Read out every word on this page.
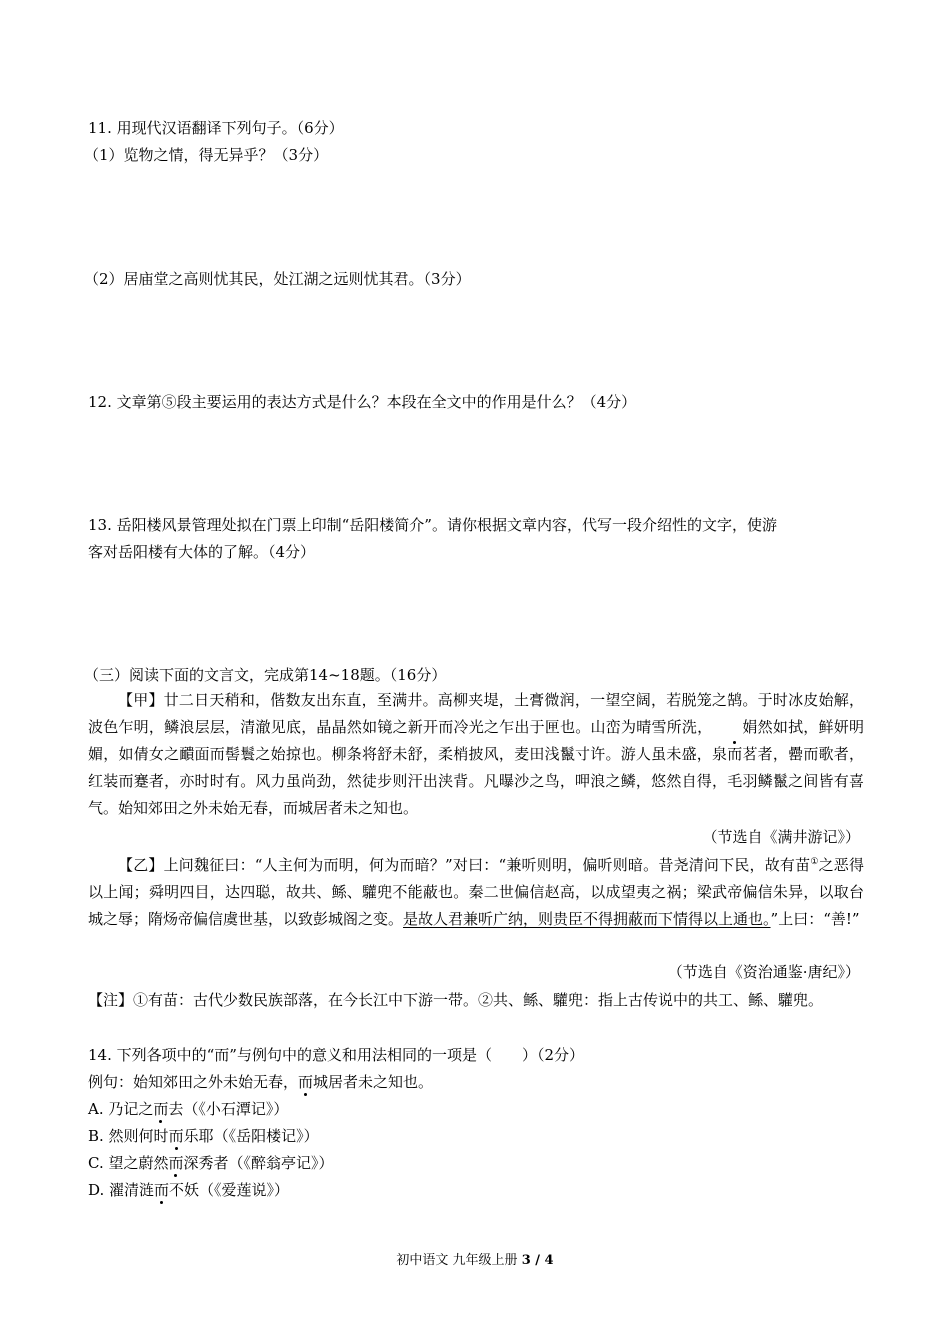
11. 用现代汉语翻译下列句子。（6分）
（1）览物之情，得无异乎？（3分）
（2）居庙堂之高则忧其民，处江湖之远则忧其君。（3分）
12. 文章第⑤段主要运用的表达方式是什么？本段在全文中的作用是什么？（4分）
13. 岳阳楼风景管理处拟在门票上印制“岳阳楼简介”。请你根据文章内容，代写一段介绍性的文字，使游
客对岳阳楼有大体的了解。（4分）
（三）阅读下面的文言文，完成第14~18题。（16分）

【甲】廿二日天稍和，偕数友出东直，至满井。高柳夹堤，土膏微润，一望空阔，若脱笼之鹄。于时冰皮始解，波色乍明，鳞浪层层，清澈见底，晶晶然如镜之新开而冷光之乍出于匣也。山峦为晴雪所洗， 娟然如拭，鲜妍明媚，如倩女之靧面而髻鬟之始掠也。柳条将舒未舒，柔梢披风，麦田浅鬣寸许。游人虽未盛，泉而茗者，罍而歌者，红装而蹇者，亦时时有。风力虽尚劲，然徒步则汗出浃背。凡曝沙之鸟，呷浪之鳞，悠然自得，毛羽鳞鬣之间皆有喜气。始知郊田之外未始无春，而城居者未之知也。

（节选自《满井游记》）

【乙】上问魏征曰：“人主何为而明，何为而暗？”对曰：“兼听则明，偏听则暗。昔尧清问下民，故有苗①之恶得以上闻；舜明四目，达四聪，故共、鲧、驩兜不能蔽也。秦二世偏信赵高，以成望夷之祸；梁武帝偏信朱异，以取台城之辱；隋炀帝偏信虞世基，以致彭城阁之变。是故人君兼听广纳，则贵臣不得拥蔽而下情得以上通也。”上曰：“善!”

（节选自《资治通鉴·唐纪》）
【注】①有苗：古代少数民族部落，在今长江中下游一带。②共、鲧、驩兜：指上古传说中的共工、鲧、驩兜。
14. 下列各项中的“而”与例句中的意义和用法相同的一项是（　　）（2分）
例句：始知郊田之外未始无春，而城居者未之知也。
A. 乃记之而去（《小石潭记》）
B. 然则何时而乐耶（《岳阳楼记》）
C. 望之蔚然而深秀者（《醉翁亭记》）
D. 濯清涟而不妖（《爱莲说》）
初中语文 九年级上册 3 / 4
